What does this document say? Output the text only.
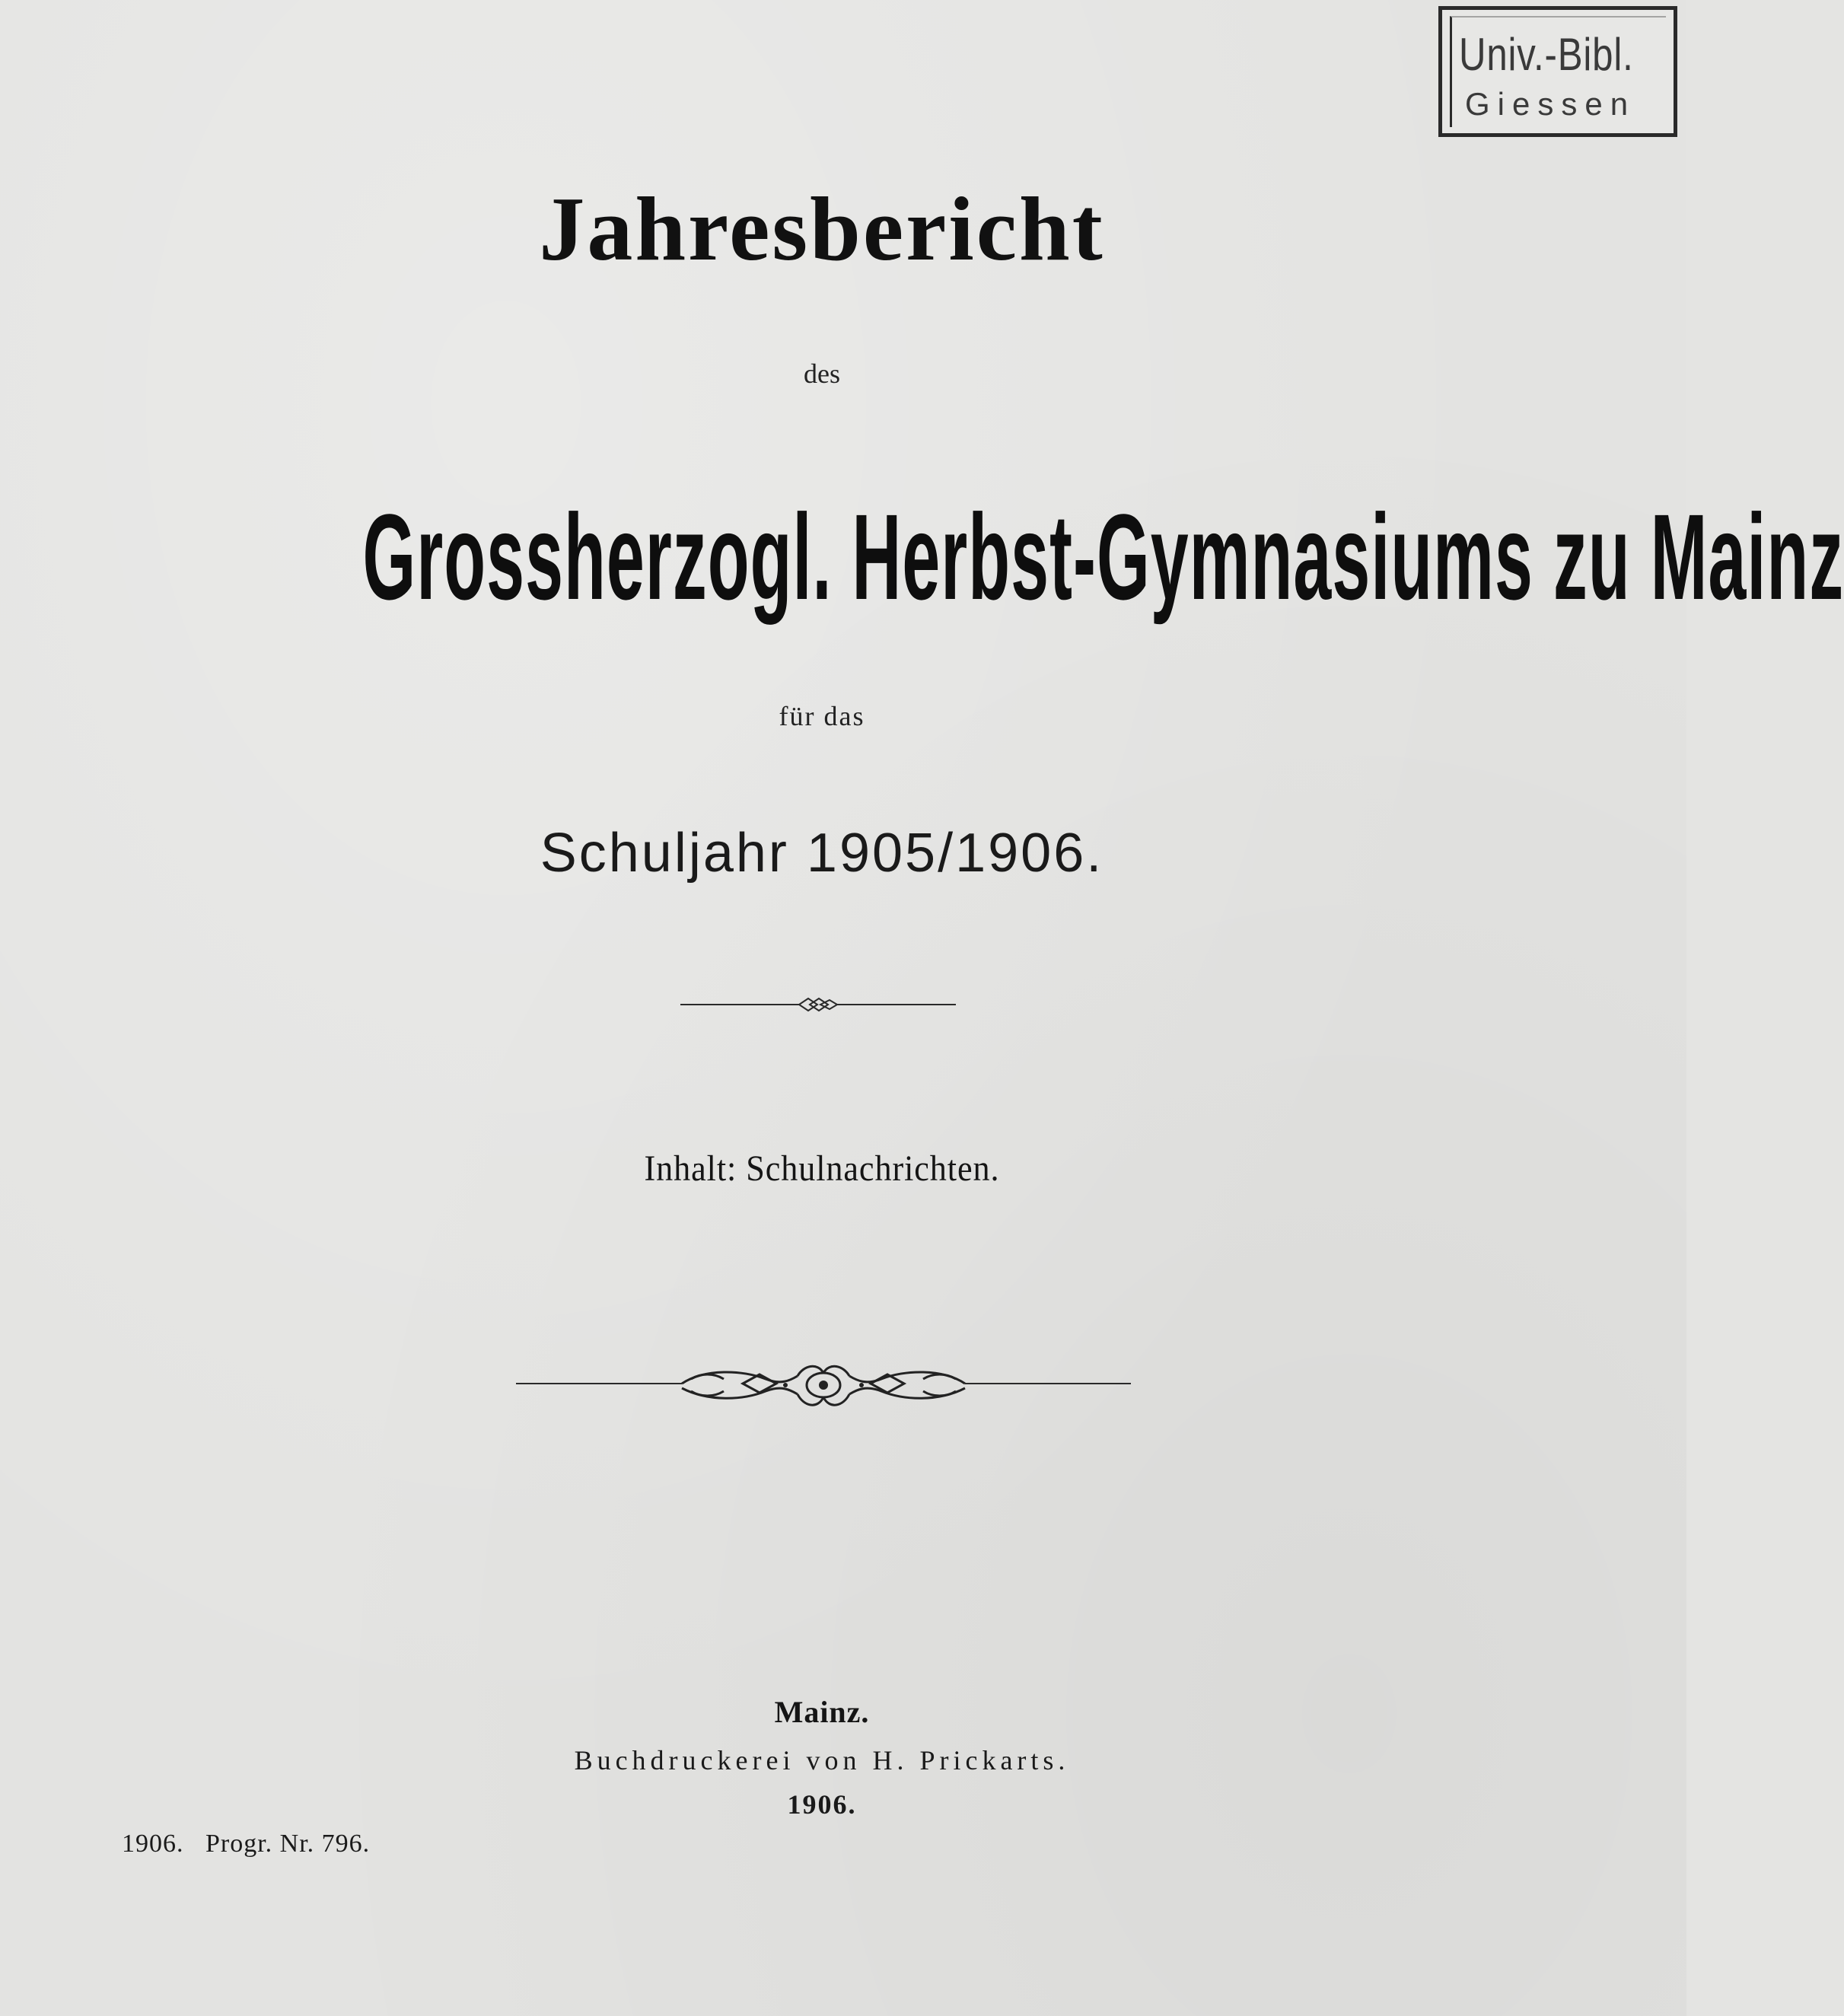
Univ.-Bibl.
Giessen
Jahresbericht
des
Grossherzogl. Herbst-Gymnasiums zu Mainz
für das
Schuljahr 1905/1906.
Inhalt: Schulnachrichten.
Mainz.
Buchdruckerei von H. Prickarts.
1906.
1906.   Progr. Nr. 796.
